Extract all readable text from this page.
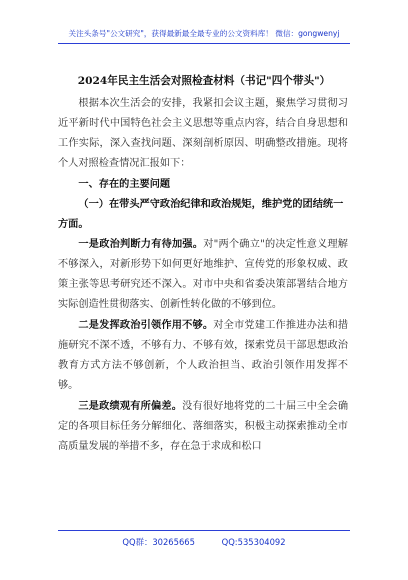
关注头条号"公文研究"，获得最新最全最专业的公文资料库！ 微信：gongwenyj
2024年民主生活会对照检查材料（书记"四个带头"）

根据本次生活会的安排，我紧扣会议主题，聚焦学习贯彻习近平新时代中国特色社会主义思想等重点内容，结合自身思想和工作实际，深入查找问题、深刻剖析原因、明确整改措施。现将个人对照检查情况汇报如下：

一、存在的主要问题

（一）在带头严守政治纪律和政治规矩，维护党的团结统一方面。

一是政治判断力有待加强。对"两个确立"的决定性意义理解不够深入，对新形势下如何更好地维护、宣传党的形象权威、政策主张等思考研究还不深入。对市中央和省委决策部署结合地方实际创造性贯彻落实、创新性转化做的不够到位。

二是发挥政治引领作用不够。对全市党建工作推进办法和措施研究不深不透，不够有力、不够有效，探索党员干部思想政治教育方式方法不够创新，个人政治担当、政治引领作用发挥不够。

三是政绩观有所偏差。没有很好地将党的二十届三中全会确定的各项目标任务分解细化、落细落实，积极主动探索推动全市高质量发展的举措不多，存在急于求成和松口

QQ群：30265665	QQ:535304092
